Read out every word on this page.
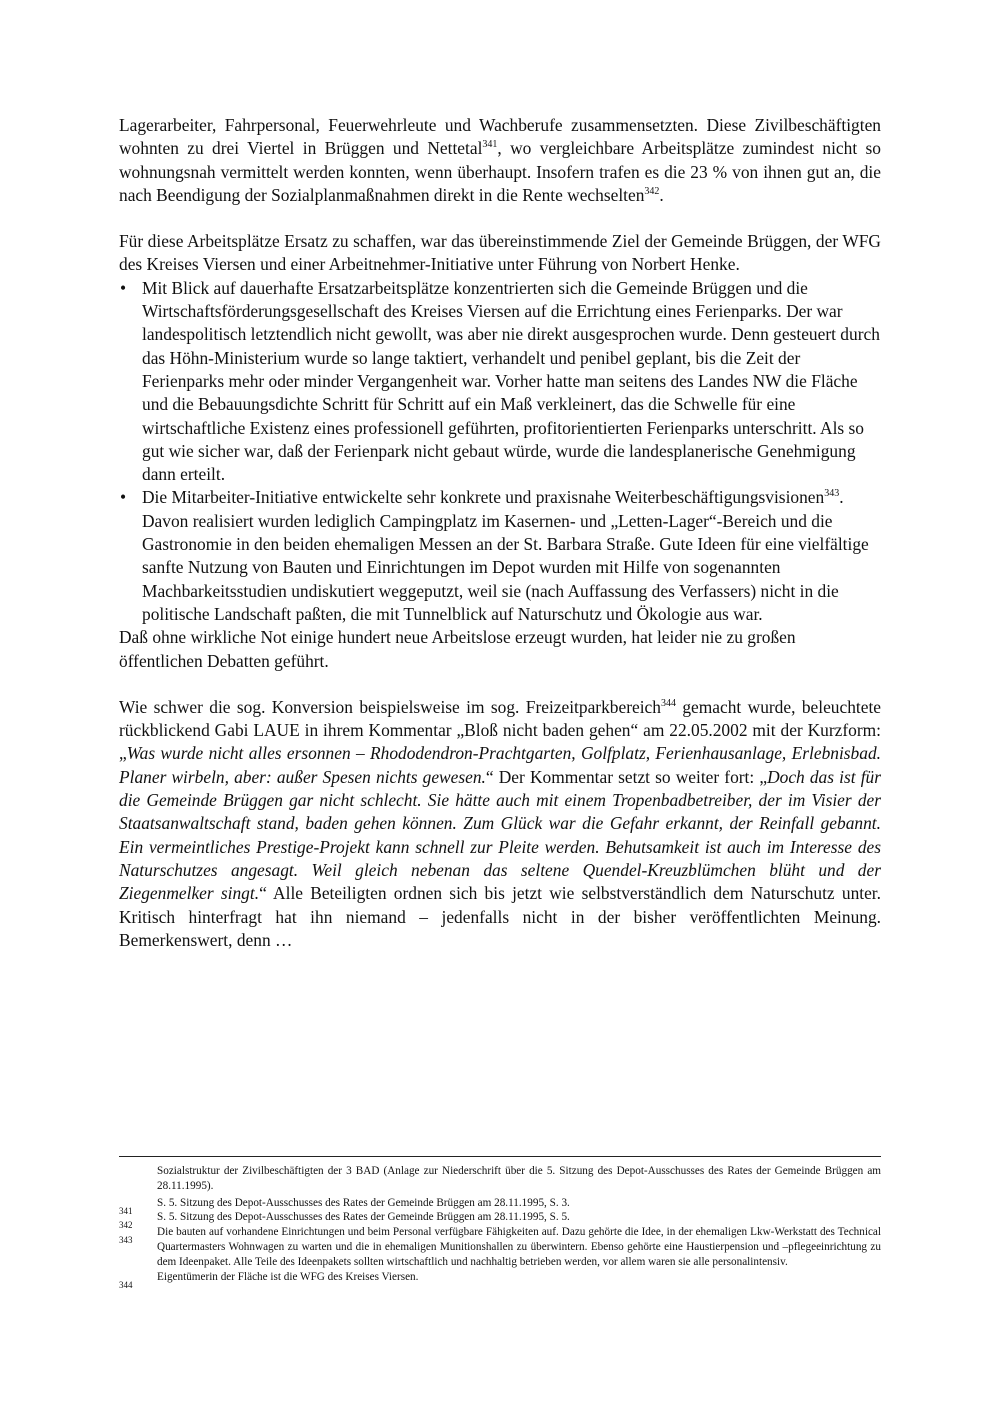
Lagerarbeiter, Fahrpersonal, Feuerwehrleute und Wachberufe zusammensetzten. Diese Zivilbeschäftigten wohnten zu drei Viertel in Brüggen und Nettetal$^{341}$, wo vergleichbare Arbeitsplätze zumindest nicht so wohnungsnah vermittelt werden konnten, wenn überhaupt. Insofern trafen es die 23 % von ihnen gut an, die nach Beendigung der Sozialplanmaßnahmen direkt in die Rente wechselten$^{342}$.

Für diese Arbeitsplätze Ersatz zu schaffen, war das übereinstimmende Ziel der Gemeinde Brüggen, der WFG des Kreises Viersen und einer Arbeitnehmer-Initiative unter Führung von Norbert Henke.

• Mit Blick auf dauerhafte Ersatzarbeitsplätze konzentrierten sich die Gemeinde Brüggen und die Wirtschaftsförderungsgesellschaft des Kreises Viersen auf die Errichtung eines Ferienparks. Der war landespolitisch letztendlich nicht gewollt, was aber nie direkt ausgesprochen wurde. Denn gesteuert durch das Höhn-Ministerium wurde so lange taktiert, verhandelt und penibel geplant, bis die Zeit der Ferienparks mehr oder minder Vergangenheit war. Vorher hatte man seitens des Landes NW die Fläche und die Bebauungsdichte Schritt für Schritt auf ein Maß verkleinert, das die Schwelle für eine wirtschaftliche Existenz eines professionell geführten, profitorientierten Ferienparks unterschritt. Als so gut wie sicher war, daß der Ferienpark nicht gebaut würde, wurde die landesplanerische Genehmigung dann erteilt.
• Die Mitarbeiter-Initiative entwickelte sehr konkrete und praxisnahe Weiterbeschäftigungsvisionen$^{343}$. Davon realisiert wurden lediglich Campingplatz im Kasernen- und „Letten-Lager“-Bereich und die Gastronomie in den beiden ehemaligen Messen an der St. Barbara Straße. Gute Ideen für eine vielfältige sanfte Nutzung von Bauten und Einrichtungen im Depot wurden mit Hilfe von sogenannten Machbarkeitsstudien undiskutiert weggeputzt, weil sie (nach Auffassung des Verfassers) nicht in die politische Landschaft paßten, die mit Tunnelblick auf Naturschutz und Ökologie aus war.

Daß ohne wirkliche Not einige hundert neue Arbeitslose erzeugt wurden, hat leider nie zu großen öffentlichen Debatten geführt.

Wie schwer die sog. Konversion beispielsweise im sog. Freizeitparkbereich$^{344}$ gemacht wurde, beleuchtete rückblickend Gabi LAUE in ihrem Kommentar „Bloß nicht baden gehen“ am 22.05.2002 mit der Kurzform: „Was wurde nicht alles ersonnen – Rhododendron-Prachtgarten, Golfplatz, Ferienhausanlage, Erlebnisbad. Planer wirbeln, aber: außer Spesen nichts gewesen.“ Der Kommentar setzt so weiter fort: „Doch das ist für die Gemeinde Brüggen gar nicht schlecht. Sie hätte auch mit einem Tropenbadbetreiber, der im Visier der Staatsanwaltschaft stand, baden gehen können. Zum Glück war die Gefahr erkannt, der Reinfall gebannt. Ein vermeintliches Prestige-Projekt kann schnell zur Pleite werden. Behutsamkeit ist auch im Interesse des Naturschutzes angesagt. Weil gleich nebenan das seltene Quendel-Kreuzblümchen blüht und der Ziegenmelker singt.“ Alle Beteiligten ordnen sich bis jetzt wie selbstverständlich dem Naturschutz unter. Kritisch hinterfragt hat ihn niemand – jedenfalls nicht in der bisher veröffentlichten Meinung. Bemerkenswert, denn …

Sozialstruktur der Zivilbeschäftigten der 3 BAD (Anlage zur Niederschrift über die 5. Sitzung des Depot-Ausschusses des Rates der Gemeinde Brüggen am 28.11.1995).
341
S. 5. Sitzung des Depot-Ausschusses des Rates der Gemeinde Brüggen am 28.11.1995, S. 3.
342
S. 5. Sitzung des Depot-Ausschusses des Rates der Gemeinde Brüggen am 28.11.1995, S. 5.
343
Die bauten auf vorhandene Einrichtungen und beim Personal verfügbare Fähigkeiten auf. Dazu gehörte die Idee, in der ehemaligen Lkw-Werkstatt des Technical Quartermasters Wohnwagen zu warten und die in ehemaligen Munitionshallen zu überwintern. Ebenso gehörte eine Haustierpension und –pflegeeinrichtung zu dem Ideenpaket. Alle Teile des Ideenpakets sollten wirtschaftlich und nachhaltig betrieben werden, vor allem waren sie alle personalintensiv.
344
Eigentümerin der Fläche ist die WFG des Kreises Viersen.
